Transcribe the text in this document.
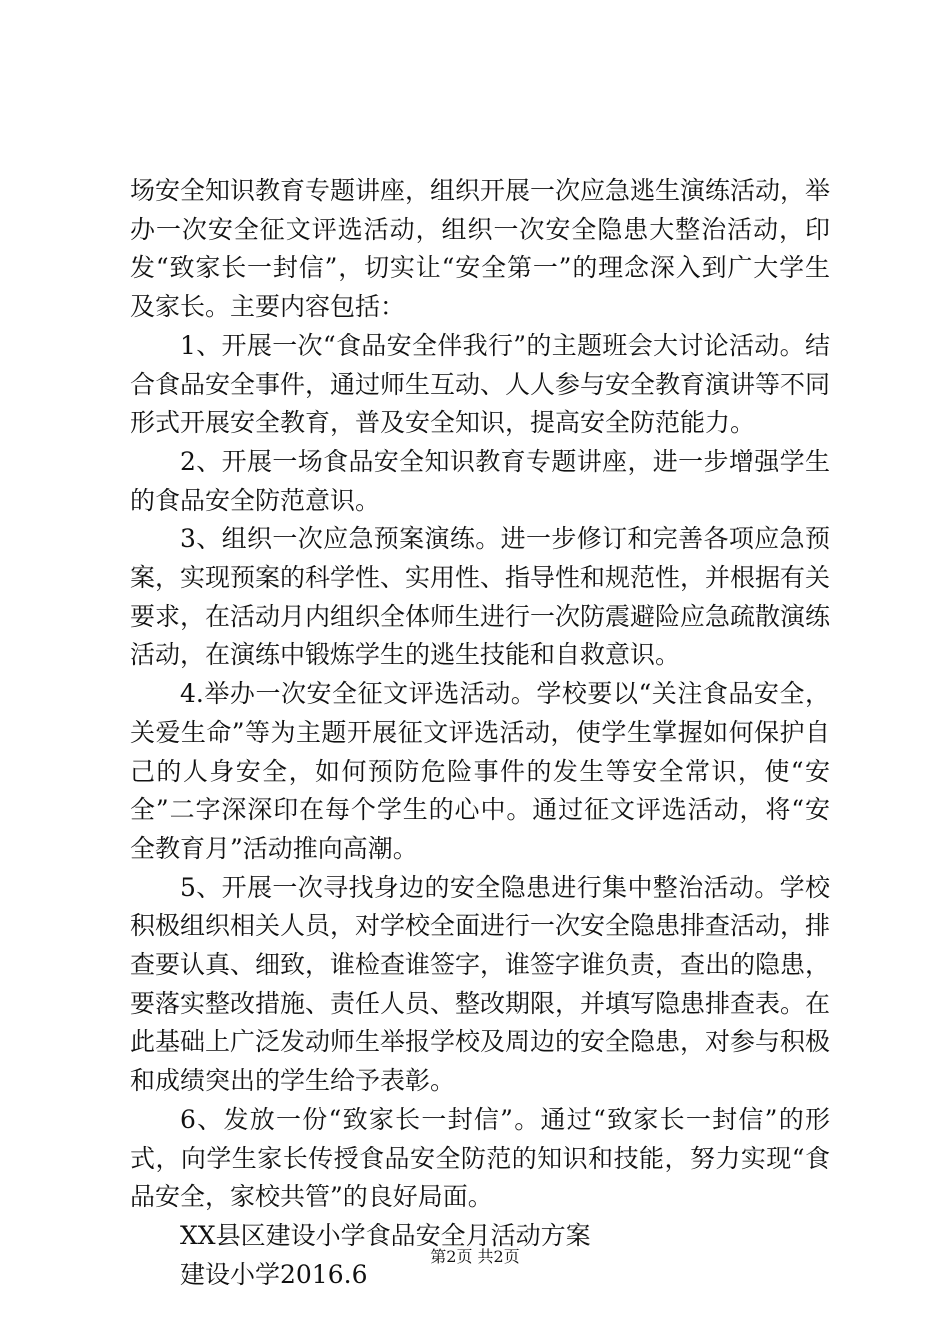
场安全知识教育专题讲座，组织开展一次应急逃生演练活动，举办一次安全征文评选活动，组织一次安全隐患大整治活动，印发“致家长一封信”，切实让“安全第一”的理念深入到广大学生及家长。主要内容包括：

1、开展一次“食品安全伴我行”的主题班会大讨论活动。结合食品安全事件，通过师生互动、人人参与安全教育演讲等不同形式开展安全教育，普及安全知识，提高安全防范能力。

2、开展一场食品安全知识教育专题讲座，进一步增强学生的食品安全防范意识。

3、组织一次应急预案演练。进一步修订和完善各项应急预案，实现预案的科学性、实用性、指导性和规范性，并根据有关要求，在活动月内组织全体师生进行一次防震避险应急疏散演练活动，在演练中锻炼学生的逃生技能和自救意识。

4.举办一次安全征文评选活动。学校要以“关注食品安全，关爱生命”等为主题开展征文评选活动，使学生掌握如何保护自己的人身安全，如何预防危险事件的发生等安全常识，使“安全”二字深深印在每个学生的心中。通过征文评选活动，将“安全教育月”活动推向高潮。

5、开展一次寻找身边的安全隐患进行集中整治活动。学校积极组织相关人员，对学校全面进行一次安全隐患排查活动，排查要认真、细致，谁检查谁签字，谁签字谁负责，查出的隐患，要落实整改措施、责任人员、整改期限，并填写隐患排查表。在此基础上广泛发动师生举报学校及周边的安全隐患，对参与积极和成绩突出的学生给予表彰。

6、发放一份“致家长一封信”。通过“致家长一封信”的形式，向学生家长传授食品安全防范的知识和技能，努力实现“食品安全，家校共管”的良好局面。

XX县区建设小学食品安全月活动方案

建设小学2016.6

第2页 共2页
